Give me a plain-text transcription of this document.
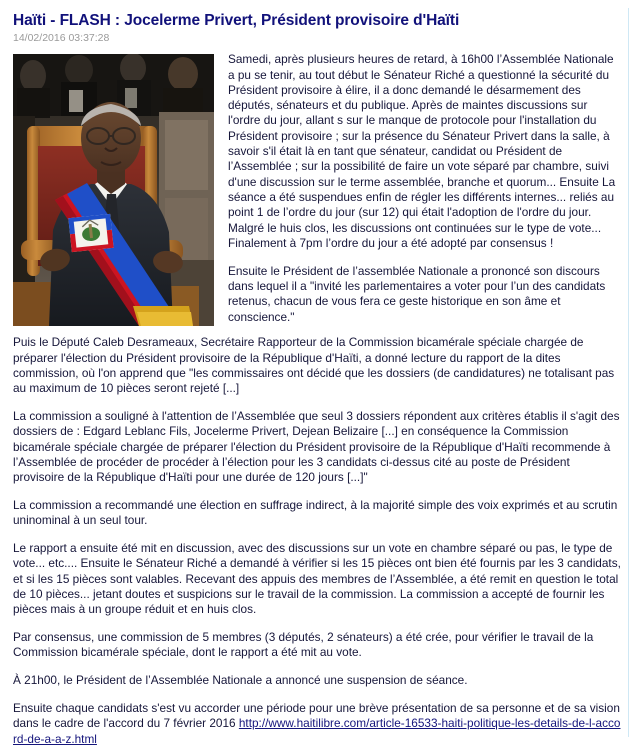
Haïti - FLASH : Jocelerme Privert, Président provisoire d'Haïti
14/02/2016 03:37:28

Samedi, après plusieurs heures de retard, à 16h00 l’Assemblée Nationale a pu se tenir, au tout début le Sénateur Riché a questionné la sécurité du Président provisoire à élire, il a donc demandé le désarmement des députés, sénateurs et du publique. Après de maintes discussions sur l'ordre du jour, allant s sur le manque de protocole pour l'installation du Président provisoire ; sur la présence du Sénateur Privert dans la salle, à savoir s'il était là en tant que sénateur, candidat ou Président de l’Assemblée ; sur la possibilité de faire un vote séparé par chambre, suivi d'une discussion sur le terme assemblée, branche et quorum... Ensuite La séance a été suspendues enfin de régler les différents internes... reliés au point 1 de l’ordre du jour (sur 12) qui était l'adoption de l'ordre du jour. Malgré le huis clos, les discussions ont continuées sur le type de vote... Finalement à 7pm l’ordre du jour a été adopté par consensus !

Ensuite le Président de l’assemblée Nationale a prononcé son discours dans lequel il a "invité les parlementaires a voter pour l’un des candidats retenus, chacun de vous fera ce geste historique en son âme et conscience."

Puis le Député Caleb Desrameaux, Secrétaire Rapporteur de la Commission bicamérale spéciale chargée de préparer l'élection du Président provisoire de la République d'Haïti, a donné lecture du rapport de la dites commission, où l'on apprend que "les commissaires ont décidé que les dossiers (de candidatures) ne totalisant pas au maximum de 10 pièces seront rejeté [...]

La commission a souligné à l'attention de l’Assemblée que seul 3 dossiers répondent aux critères établis il s'agit des dossiers de : Edgard Leblanc Fils, Jocelerme Privert, Dejean Belizaire [...] en conséquence la Commission bicamérale spéciale chargée de préparer l'élection du Président provisoire de la République d'Haïti recommende à l’Assemblée de procéder de procéder à l’élection pour les 3 candidats ci-dessus cité au poste de Président provisoire de la République d'Haïti pour une durée de 120 jours [...]"

La commission a recommandé une élection en suffrage indirect, à la majorité simple des voix exprimés et au scrutin uninominal à un seul tour.

Le rapport a ensuite été mit en discussion, avec des discussions sur un vote en chambre séparé ou pas, le type de vote... etc.... Ensuite le Sénateur Riché a demandé à vérifier si les 15 pièces ont bien été fournis par les 3 candidats, et si les 15 pièces sont valables. Recevant des appuis des membres de l’Assemblée, a été remit en question le total de 10 pièces... jetant doutes et suspicions sur le travail de la commission. La commission a accepté de fournir les pièces mais à un groupe réduit et en huis clos.

Par consensus, une commission de 5 membres (3 députés, 2 sénateurs) a été crée, pour vérifier le travail de la Commission bicamérale spéciale, dont le rapport a été mit au vote.

À 21h00, le Président de l’Assemblée Nationale a annoncé une suspension de séance.

Ensuite chaque candidats s'est vu accorder une période pour une brève présentation de sa personne et de sa vision dans le cadre de l'accord du 7 février 2016 http://www.haitilibre.com/article-16533-haiti-politique-les-details-de-l-accord-de-a-a-z.html
